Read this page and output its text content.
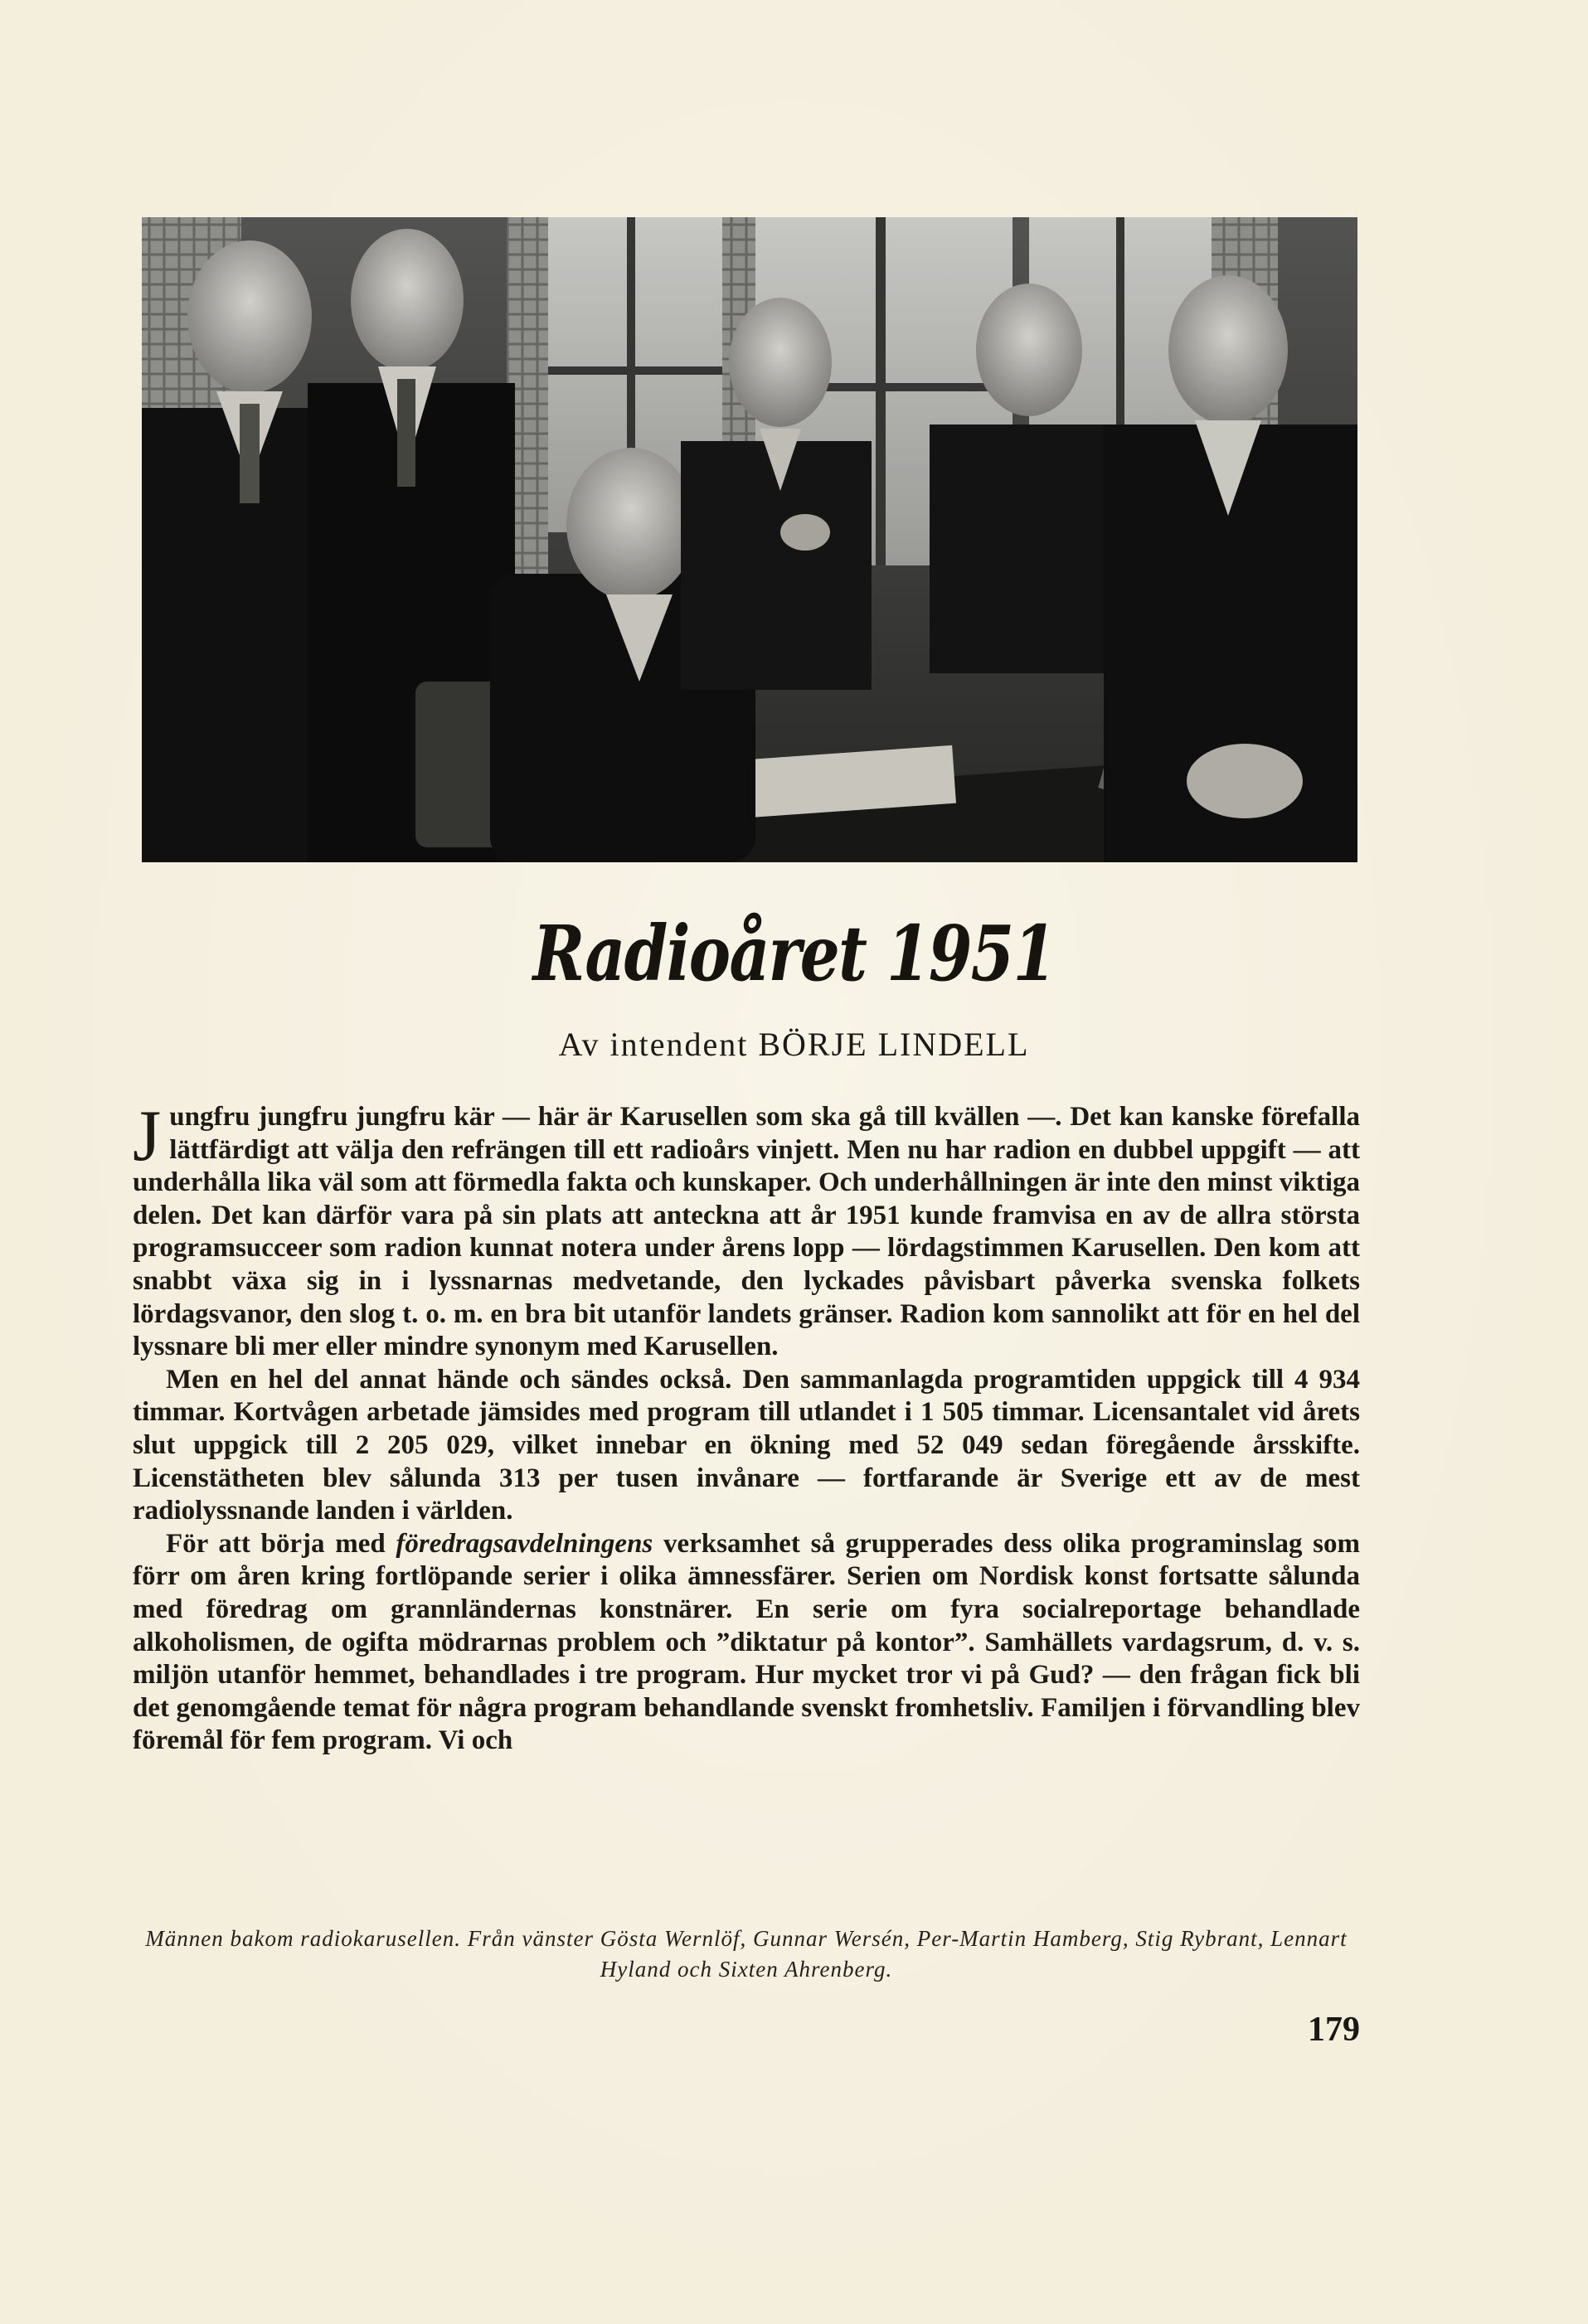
Radioåret 1951
Av intendent BÖRJE LINDELL

Jungfru jungfru jungfru kär — här är Karusellen som ska gå till kvällen —. Det kan kanske förefalla lättfärdigt att välja den refrängen till ett radioårs vinjett. Men nu har radion en dubbel uppgift — att underhålla lika väl som att förmedla fakta och kunskaper. Och underhållningen är inte den minst viktiga delen. Det kan därför vara på sin plats att anteckna att år 1951 kunde framvisa en av de allra största programsucceer som radion kunnat notera under årens lopp — lördagstimmen Karusellen. Den kom att snabbt växa sig in i lyssnarnas medvetande, den lyckades påvisbart påverka svenska folkets lördagsvanor, den slog t. o. m. en bra bit utanför landets gränser. Radion kom sannolikt att för en hel del lyssnare bli mer eller mindre synonym med Karusellen.

Men en hel del annat hände och sändes också. Den sammanlagda programtiden uppgick till 4 934 timmar. Kortvågen arbetade jämsides med program till utlandet i 1 505 timmar. Licensantalet vid årets slut uppgick till 2 205 029, vilket innebar en ökning med 52 049 sedan föregående årsskifte. Licenstätheten blev sålunda 313 per tusen invånare — fortfarande är Sverige ett av de mest radiolyssnande landen i världen.

För att börja med föredragsavdelningens verksamhet så grupperades dess olika programinslag som förr om åren kring fortlöpande serier i olika ämnessfärer. Serien om Nordisk konst fortsatte sålunda med föredrag om grannländernas konstnärer. En serie om fyra socialreportage behandlade alkoholismen, de ogifta mödrarnas problem och ”diktatur på kontor”. Samhällets vardagsrum, d. v. s. miljön utanför hemmet, behandlades i tre program. Hur mycket tror vi på Gud? — den frågan fick bli det genomgående temat för några program behandlande svenskt fromhetsliv. Familjen i förvandling blev föremål för fem program. Vi och

Männen bakom radiokarusellen. Från vänster Gösta Wernlöf, Gunnar Wersén, Per-Martin Hamberg, Stig Rybrant, Lennart Hyland och Sixten Ahrenberg.
179
